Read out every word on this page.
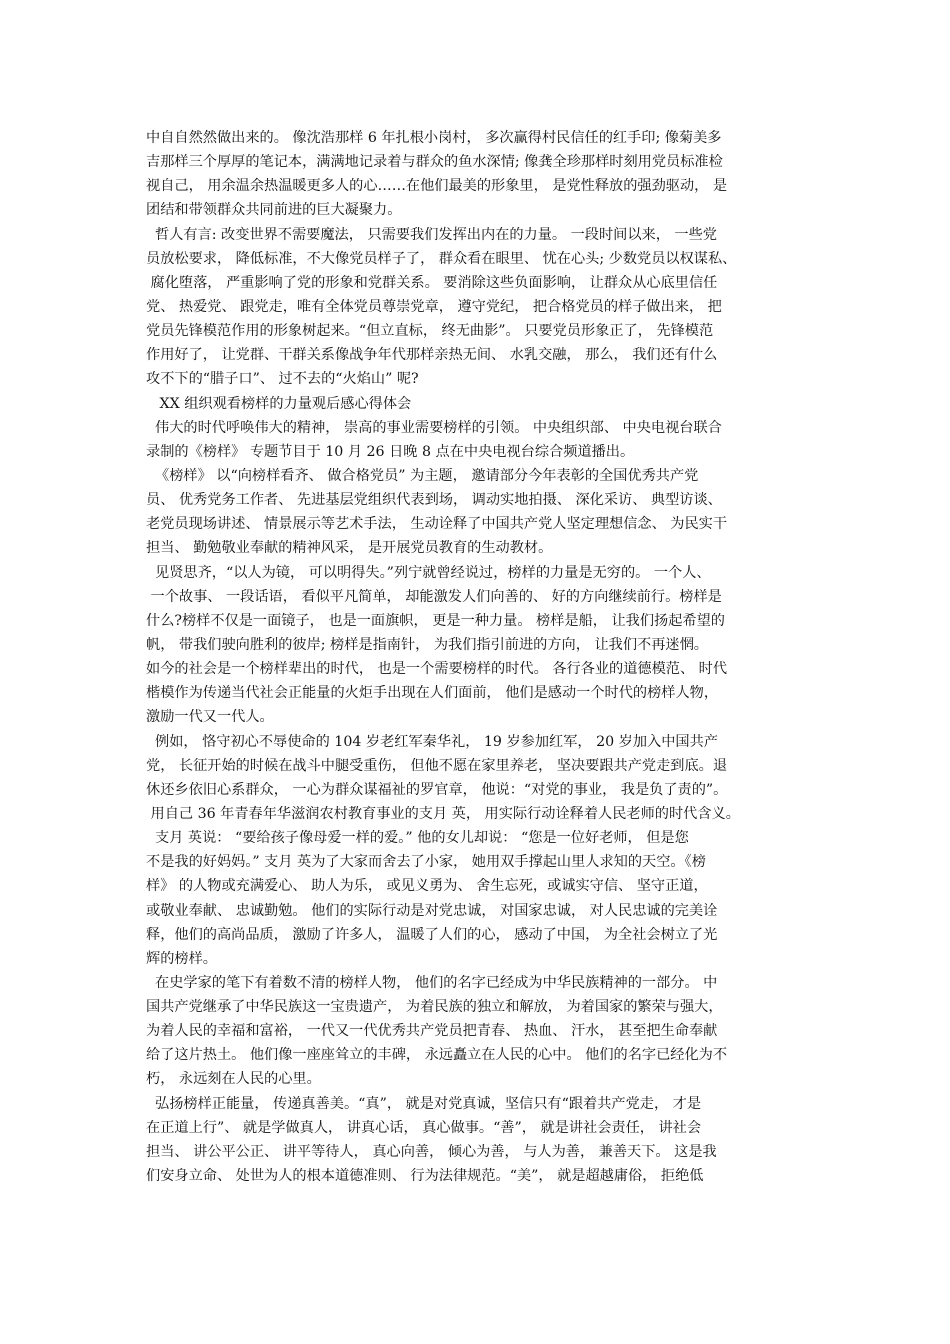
中自自然然做出来的。 像沈浩那样 6 年扎根小岗村， 多次赢得村民信任的红手印; 像菊美多
吉那样三个厚厚的笔记本，满满地记录着与群众的鱼水深情; 像龚全珍那样时刻用党员标准检
视自己， 用余温余热温暖更多人的心……在他们最美的形象里， 是党性释放的强劲驱动， 是
团结和带领群众共同前进的巨大凝聚力。
哲人有言: 改变世界不需要魔法， 只需要我们发挥出内在的力量。 一段时间以来， 一些党
员放松要求， 降低标准，不大像党员样子了， 群众看在眼里、 忧在心头; 少数党员以权谋私、
腐化堕落， 严重影响了党的形象和党群关系。 要消除这些负面影响， 让群众从心底里信任
党、 热爱党、 跟党走，唯有全体党员尊崇党章， 遵守党纪， 把合格党员的样子做出来， 把
党员先锋模范作用的形象树起来。“但立直标， 终无曲影”。 只要党员形象正了， 先锋模范
作用好了， 让党群、干群关系像战争年代那样亲热无间、 水乳交融， 那么， 我们还有什么
攻不下的“腊子口”、 过不去的“火焰山” 呢?
XX 组织观看榜样的力量观后感心得体会
伟大的时代呼唤伟大的精神， 崇高的事业需要榜样的引领。 中央组织部、 中央电视台联合
录制的《榜样》 专题节目于 10 月 26 日晚 8 点在中央电视台综合频道播出。
《榜样》 以“向榜样看齐、 做合格党员” 为主题， 邀请部分今年表彰的全国优秀共产党
员、 优秀党务工作者、 先进基层党组织代表到场， 调动实地拍摄、 深化采访、 典型访谈、
老党员现场讲述、 情景展示等艺术手法， 生动诠释了中国共产党人坚定理想信念、 为民实干
担当、 勤勉敬业奉献的精神风采， 是开展党员教育的生动教材。
见贤思齐，“以人为镜， 可以明得失。”列宁就曾经说过，榜样的力量是无穷的。 一个人、
一个故事、 一段话语， 看似平凡简单， 却能激发人们向善的、 好的方向继续前行。榜样是
什么?榜样不仅是一面镜子， 也是一面旗帜， 更是一种力量。 榜样是船， 让我们扬起希望的
帆， 带我们驶向胜利的彼岸; 榜样是指南针， 为我们指引前进的方向， 让我们不再迷惘。
如今的社会是一个榜样辈出的时代， 也是一个需要榜样的时代。 各行各业的道德模范、 时代
楷模作为传递当代社会正能量的火炬手出现在人们面前， 他们是感动一个时代的榜样人物，
激励一代又一代人。
例如， 恪守初心不辱使命的 104 岁老红军秦华礼， 19 岁参加红军， 20 岁加入中国共产
党， 长征开始的时候在战斗中腿受重伤， 但他不愿在家里养老， 坚决要跟共产党走到底。退
休还乡依旧心系群众， 一心为群众谋福祉的罗官章， 他说：“对党的事业， 我是负了责的”。
用自己 36 年青春年华滋润农村教育事业的支月 英， 用实际行动诠释着人民老师的时代含义。
支月 英说： “要给孩子像母爱一样的爱。” 他的女儿却说： “您是一位好老师， 但是您
不是我的好妈妈。” 支月 英为了大家而舍去了小家， 她用双手撑起山里人求知的天空。《榜
样》 的人物或充满爱心、 助人为乐， 或见义勇为、 舍生忘死，或诚实守信、 坚守正道，
或敬业奉献、 忠诚勤勉。 他们的实际行动是对党忠诚， 对国家忠诚， 对人民忠诚的完美诠
释，他们的高尚品质， 激励了许多人， 温暖了人们的心， 感动了中国， 为全社会树立了光
辉的榜样。
在史学家的笔下有着数不清的榜样人物， 他们的名字已经成为中华民族精神的一部分。 中
国共产党继承了中华民族这一宝贵遗产， 为着民族的独立和解放， 为着国家的繁荣与强大，
为着人民的幸福和富裕， 一代又一代优秀共产党员把青春、 热血、 汗水， 甚至把生命奉献
给了这片热土。 他们像一座座耸立的丰碑， 永远矗立在人民的心中。 他们的名字已经化为不
朽， 永远刻在人民的心里。
弘扬榜样正能量， 传递真善美。“真”， 就是对党真诚，坚信只有“跟着共产党走， 才是
在正道上行”、 就是学做真人， 讲真心话， 真心做事。“善”， 就是讲社会责任， 讲社会
担当、 讲公平公正、 讲平等待人， 真心向善， 倾心为善， 与人为善， 兼善天下。 这是我
们安身立命、 处世为人的根本道德准则、 行为法律规范。“美”， 就是超越庸俗， 拒绝低
